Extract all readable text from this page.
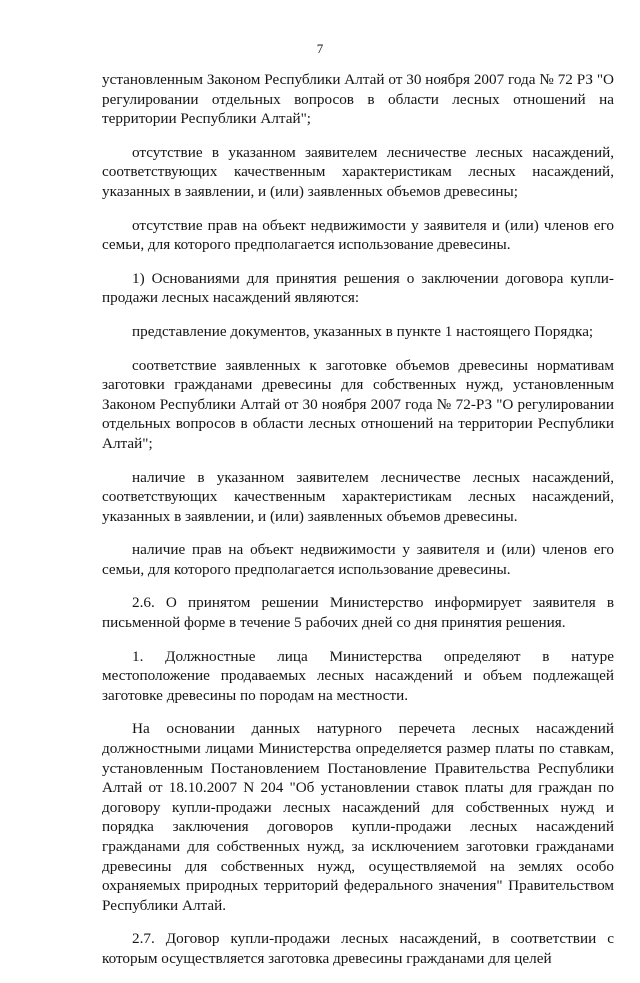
7

установленным Законом Республики Алтай от 30 ноября 2007 года № 72 РЗ "О регулировании отдельных вопросов в области лесных отношений на территории Республики Алтай";

отсутствие в указанном заявителем лесничестве лесных насаждений, соответствующих качественным характеристикам лесных насаждений, указанных в заявлении, и (или) заявленных объемов древесины;

отсутствие прав на объект недвижимости у заявителя и (или) членов его семьи, для которого предполагается использование древесины.

1) Основаниями для принятия решения о заключении договора купли-продажи лесных насаждений являются:

представление документов, указанных в пункте 1 настоящего Порядка;

соответствие заявленных к заготовке объемов древесины нормативам заготовки гражданами древесины для собственных нужд, установленным Законом Республики Алтай от 30 ноября 2007 года № 72-РЗ "О регулировании отдельных вопросов в области лесных отношений на территории Республики Алтай";

наличие в указанном заявителем лесничестве лесных насаждений, соответствующих качественным характеристикам лесных насаждений, указанных в заявлении, и (или) заявленных объемов древесины.

наличие прав на объект недвижимости у заявителя и (или) членов его семьи, для которого предполагается использование древесины.

2.6. О принятом решении Министерство информирует заявителя в письменной форме в течение 5 рабочих дней со дня принятия решения.

1. Должностные лица Министерства определяют в натуре местоположение продаваемых лесных насаждений и объем подлежащей заготовке древесины по породам на местности.

На основании данных натурного перечета лесных насаждений должностными лицами Министерства определяется размер платы по ставкам, установленным Постановлением Постановление Правительства Республики Алтай от 18.10.2007 N 204 "Об установлении ставок платы для граждан по договору купли-продажи лесных насаждений для собственных нужд и порядка заключения договоров купли-продажи лесных насаждений гражданами для собственных нужд, за исключением заготовки гражданами древесины для собственных нужд, осуществляемой на землях особо охраняемых природных территорий федерального значения" Правительством Республики Алтай.

2.7. Договор купли-продажи лесных насаждений, в соответствии с которым осуществляется заготовка древесины гражданами для целей
